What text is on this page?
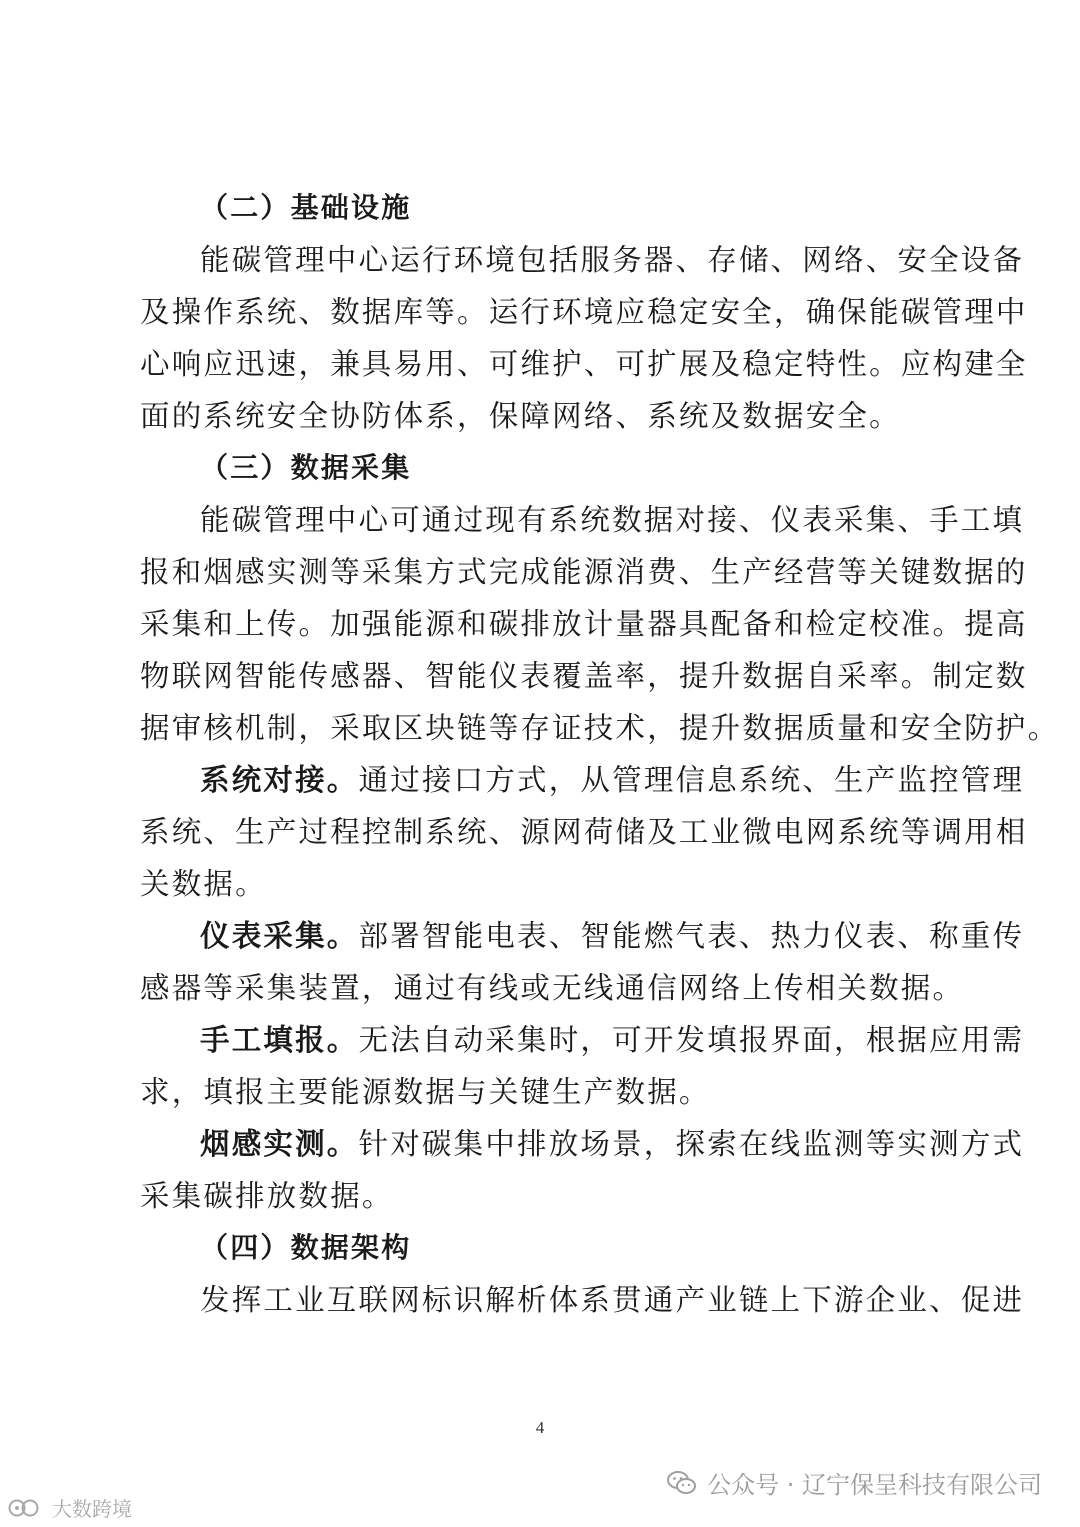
（二）基础设施
能碳管理中心运行环境包括服务器、存储、网络、安全设备
及操作系统、数据库等。运行环境应稳定安全，确保能碳管理中
心响应迅速，兼具易用、可维护、可扩展及稳定特性。应构建全
面的系统安全协防体系，保障网络、系统及数据安全。
（三）数据采集
能碳管理中心可通过现有系统数据对接、仪表采集、手工填
报和烟感实测等采集方式完成能源消费、生产经营等关键数据的
采集和上传。加强能源和碳排放计量器具配备和检定校准。提高
物联网智能传感器、智能仪表覆盖率，提升数据自采率。制定数
据审核机制，采取区块链等存证技术，提升数据质量和安全防护。
系统对接。通过接口方式，从管理信息系统、生产监控管理
系统、生产过程控制系统、源网荷储及工业微电网系统等调用相
关数据。
仪表采集。部署智能电表、智能燃气表、热力仪表、称重传
感器等采集装置，通过有线或无线通信网络上传相关数据。
手工填报。无法自动采集时，可开发填报界面，根据应用需
求，填报主要能源数据与关键生产数据。
烟感实测。针对碳集中排放场景，探索在线监测等实测方式
采集碳排放数据。
（四）数据架构
发挥工业互联网标识解析体系贯通产业链上下游企业、促进
4
公众号 · 辽宁保呈科技有限公司
大数跨境
